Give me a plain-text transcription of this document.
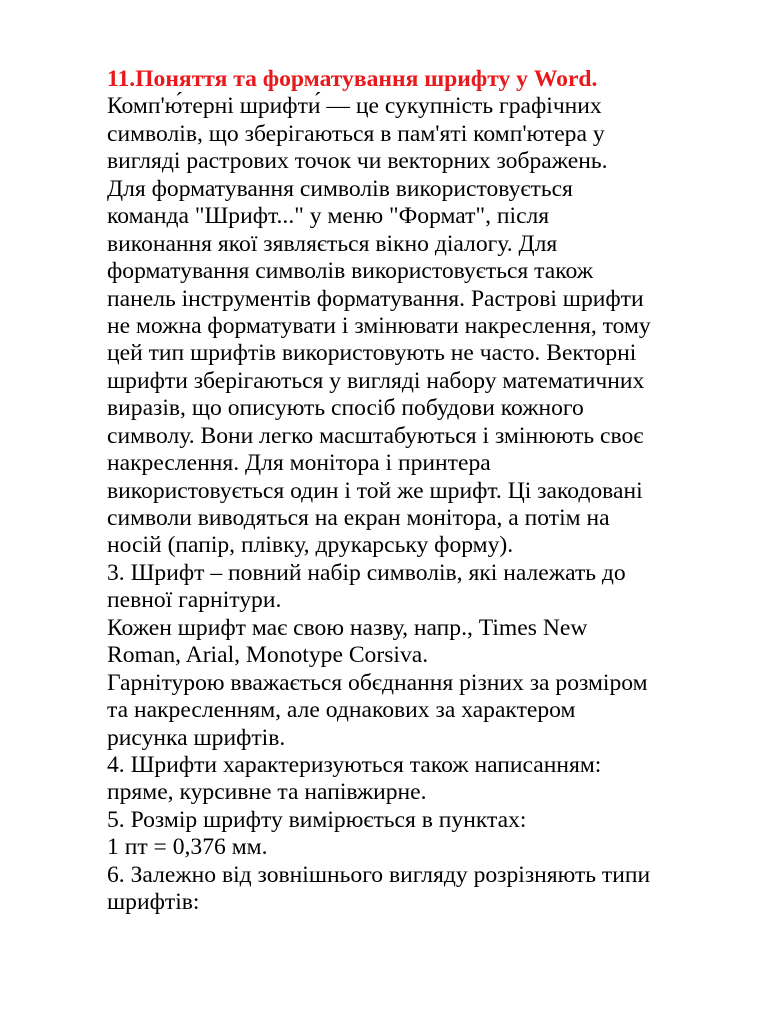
11.Поняття та форматування шрифту у Word.
Комп'ю́терні шрифти́ — це сукупність графічних
символів, що зберігаються в пам'яті комп'ютера у
вигляді растрових точок чи векторних зображень.
Для форматування символів використовується
команда "Шрифт..." у меню "Формат", після
виконання якої зявляється вікно діалогу. Для
форматування символів використовується також
панель інструментів форматування. Растрові шрифти
не можна форматувати і змінювати накреслення, тому
цей тип шрифтів використовують не часто. Векторні
шрифти зберігаються у вигляді набору математичних
виразів, що описують спосіб побудови кожного
символу. Вони легко масштабуються і змінюють своє
накреслення. Для монітора і принтера
використовується один і той же шрифт. Ці закодовані
символи виводяться на екран монітора, а потім на
носій (папір, плівку, друкарську форму).
3. Шрифт – повний набір символів, які належать до
певної гарнітури.
Кожен шрифт має свою назву, напр., Times New
Roman, Arial, Monotype Corsiva.
Гарнітурою вважається обєднання різних за розміром
та накресленням, але однакових за характером
рисунка шрифтів.
4. Шрифти характеризуються також написанням:
пряме, курсивне та напівжирне.
5. Розмір шрифту вимірюється в пунктах:
1 пт = 0,376 мм.
6. Залежно від зовнішнього вигляду розрізняють типи
шрифтів:
